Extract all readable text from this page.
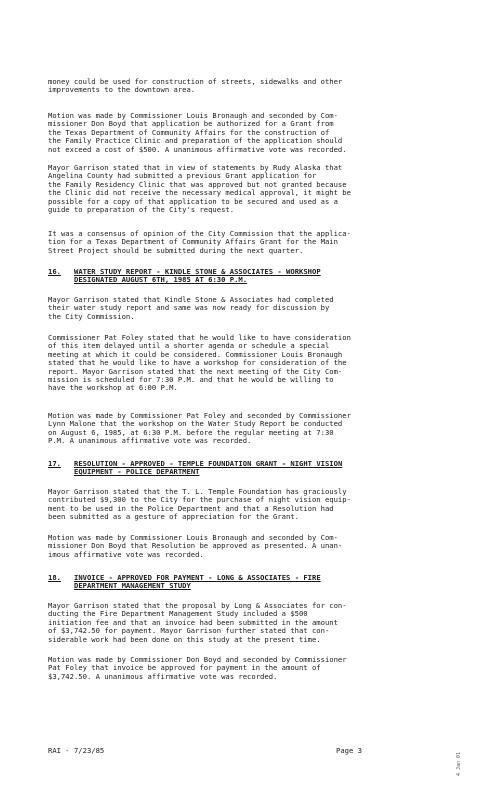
money could be used for construction of streets, sidewalks and other
improvements to the downtown area.
Motion was made by Commissioner Louis Bronaugh and seconded by Com-
missioner Don Boyd that application be authorized for a Grant from
the Texas Department of Community Affairs for the construction of
the Family Practice Clinic and preparation of the application should
not exceed a cost of $500. A unanimous affirmative vote was recorded.
Mayor Garrison stated that in view of statements by Rudy Alaska that
Angelina County had submitted a previous Grant application for
the Family Residency Clinic that was approved but not granted because
the Clinic did not receive the necessary medical approval, it might be
possible for a copy of that application to be secured and used as a
guide to preparation of the City's request.
It was a consensus of opinion of the City Commission that the applica-
tion for a Texas Department of Community Affairs Grant for the Main
Street Project should be submitted during the next quarter.
16. WATER STUDY REPORT - KINDLE STONE & ASSOCIATES - WORKSHOP
DESIGNATED AUGUST 6TH, 1985 AT 6:30 P.M.
Mayor Garrison stated that Kindle Stone & Associates had completed
their water study report and same was now ready for discussion by
the City Commission.
Commissioner Pat Foley stated that he would like to have consideration
of this item delayed until a shorter agenda or schedule a special
meeting at which it could be considered. Commissioner Louis Bronaugh
stated that he would like to have a workshop for consideration of the
report. Mayor Garrison stated that the next meeting of the City Com-
mission is scheduled for 7:30 P.M. and that he would be willing to
have the workshop at 6:00 P.M.
Motion was made by Commissioner Pat Foley and seconded by Commissioner
Lynn Malone that the workshop on the Water Study Report be conducted
on August 6, 1985, at 6:30 P.M. before the regular meeting at 7:30
P.M. A unanimous affirmative vote was recorded.
17. RESOLUTION - APPROVED - TEMPLE FOUNDATION GRANT - NIGHT VISION
EQUIPMENT - POLICE DEPARTMENT
Mayor Garrison stated that the T. L. Temple Foundation has graciously
contributed $9,300 to the City for the purchase of night vision equip-
ment to be used in the Police Department and that a Resolution had
been submitted as a gesture of appreciation for the Grant.
Motion was made by Commissioner Louis Bronaugh and seconded by Com-
missioner Don Boyd that Resolution be approved as presented. A unan-
imous affirmative vote was recorded.
18. INVOICE - APPROVED FOR PAYMENT - LONG & ASSOCIATES - FIRE
DEPARTMENT MANAGEMENT STUDY
Mayor Garrison stated that the proposal by Long & Associates for con-
ducting the Fire Department Management Study included a $500
initiation fee and that an invoice had been submitted in the amount
of $3,742.50 for payment. Mayor Garrison further stated that con-
siderable work had been done on this study at the present time.
Motion was made by Commissioner Don Boyd and seconded by Commissioner
Pat Foley that invoice be approved for payment in the amount of
$3,742.50. A unanimous affirmative vote was recorded.
RAI - 7/23/85	Page 3
4 Jan 01
